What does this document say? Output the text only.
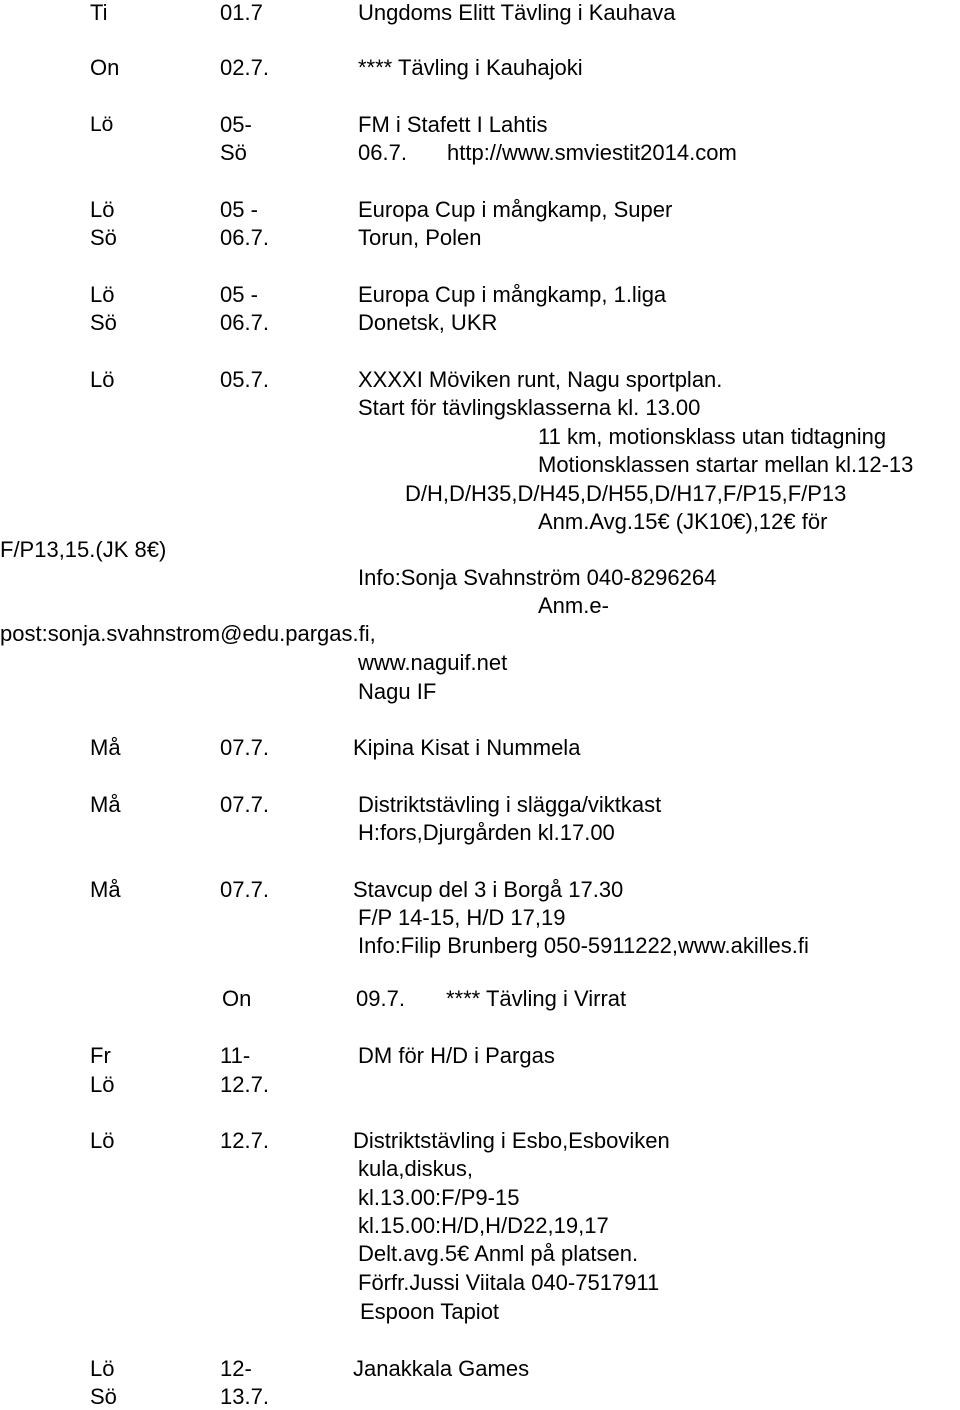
Ti	01.7	Ungdoms Elitt Tävling i Kauhava
On	02.7.	**** Tävling i Kauhajoki
Lö	05-	FM i Stafett I Lahtis
Sö	06.7. http://www.smviestit2014.com
Lö	05 -	Europa Cup i mångkamp, Super
Sö	06.7.	Torun, Polen
Lö	05 -	Europa Cup i mångkamp, 1.liga
Sö	06.7.	Donetsk, UKR
Lö	05.7.	XXXXI Möviken runt, Nagu sportplan.
Start för tävlingsklasserna kl. 13.00
11 km, motionsklass utan tidtagning
Motionsklassen startar mellan kl.12-13
D/H,D/H35,D/H45,D/H55,D/H17,F/P15,F/P13
Anm.Avg.15€ (JK10€),12€ för
F/P13,15.(JK 8€)
Info:Sonja Svahnström 040-8296264
Anm.e-
post:sonja.svahnstrom@edu.pargas.fi,
www.naguif.net
Nagu IF
Må	07.7.	Kipina Kisat i Nummela
Må	07.7.	Distriktstävling i slägga/viktkast
H:fors,Djurgården kl.17.00
Må	07.7.	Stavcup del 3 i Borgå 17.30
F/P 14-15, H/D 17,19
Info:Filip Brunberg 050-5911222,www.akilles.fi
On	09.7. **** Tävling i Virrat
Fr	11-	DM för H/D i Pargas
Lö	12.7.
Lö	12.7.	Distriktstävling i Esbo,Esboviken
kula,diskus,
kl.13.00:F/P9-15
kl.15.00:H/D,H/D22,19,17
Delt.avg.5€ Anml på platsen.
Förfr.Jussi Viitala 040-7517911
Espoon Tapiot
Lö	12-	Janakkala Games
Sö	13.7.
